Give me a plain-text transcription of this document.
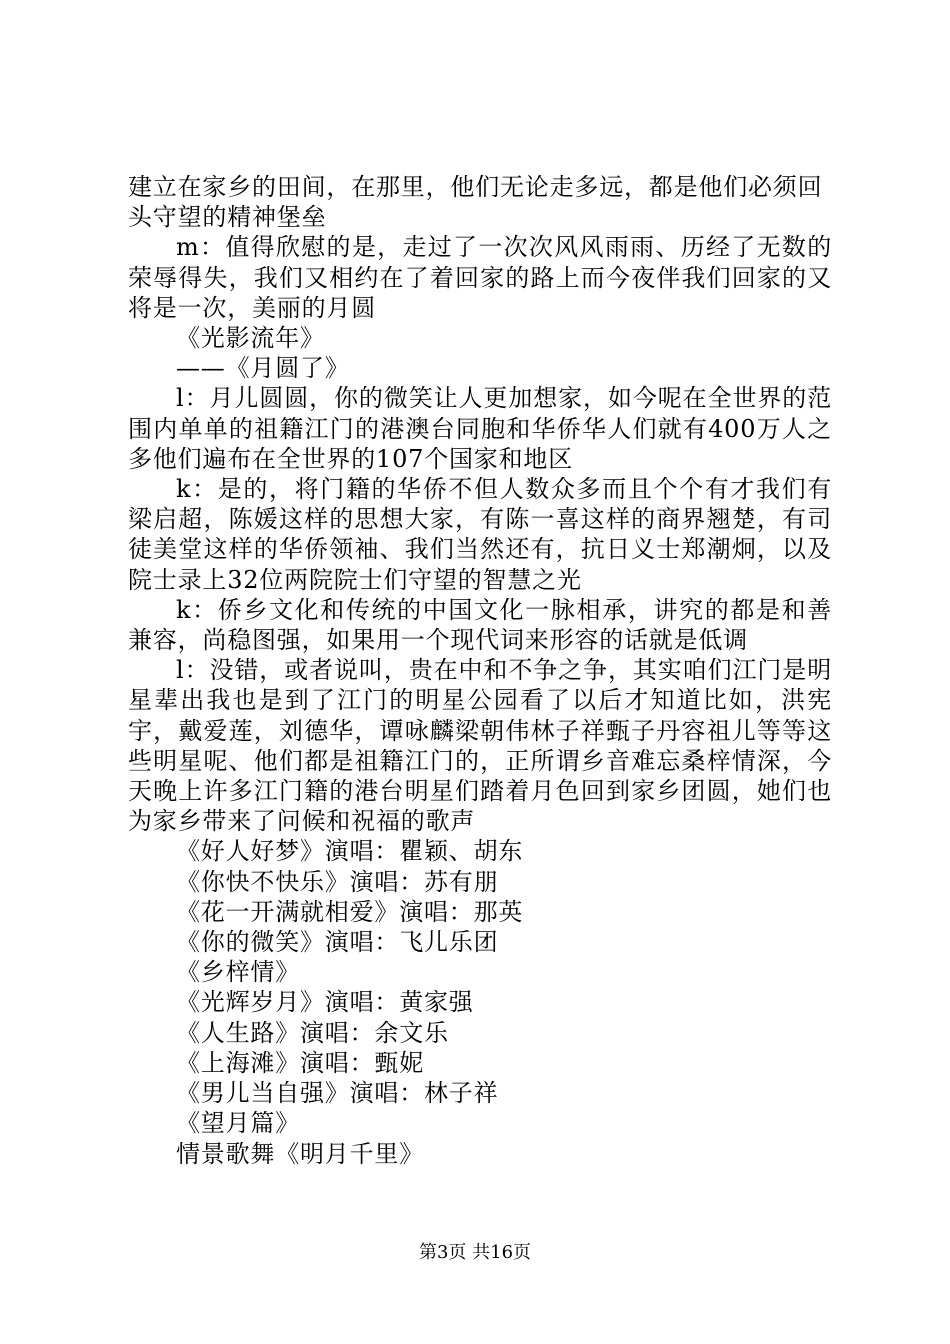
建立在家乡的田间，在那里，他们无论走多远，都是他们必须回头守望的精神堡垒

m：值得欣慰的是，走过了一次次风风雨雨、历经了无数的荣辱得失，我们又相约在了着回家的路上而今夜伴我们回家的又将是一次，美丽的月圆

《光影流年》

——《月圆了》

l：月儿圆圆，你的微笑让人更加想家，如今呢在全世界的范围内单单的祖籍江门的港澳台同胞和华侨华人们就有400万人之多他们遍布在全世界的107个国家和地区

k：是的，将门籍的华侨不但人数众多而且个个有才我们有梁启超，陈媛这样的思想大家，有陈一喜这样的商界翘楚，有司徒美堂这样的华侨领袖、我们当然还有，抗日义士郑潮炯，以及院士录上32位两院院士们守望的智慧之光

k：侨乡文化和传统的中国文化一脉相承，讲究的都是和善兼容，尚稳图强，如果用一个现代词来形容的话就是低调

l：没错，或者说叫，贵在中和不争之争，其实咱们江门是明星辈出我也是到了江门的明星公园看了以后才知道比如，洪宪宇，戴爱莲，刘德华，谭咏麟梁朝伟林子祥甄子丹容祖儿等等这些明星呢、他们都是祖籍江门的，正所谓乡音难忘桑梓情深，今天晚上许多江门籍的港台明星们踏着月色回到家乡团圆，她们也为家乡带来了问候和祝福的歌声

《好人好梦》演唱：瞿颖、胡东

《你快不快乐》演唱：苏有朋

《花一开满就相爱》演唱：那英

《你的微笑》演唱：飞儿乐团

《乡梓情》

《光辉岁月》演唱：黄家强

《人生路》演唱：余文乐

《上海滩》演唱：甄妮

《男儿当自强》演唱：林子祥

《望月篇》

情景歌舞《明月千里》

第3页 共16页
